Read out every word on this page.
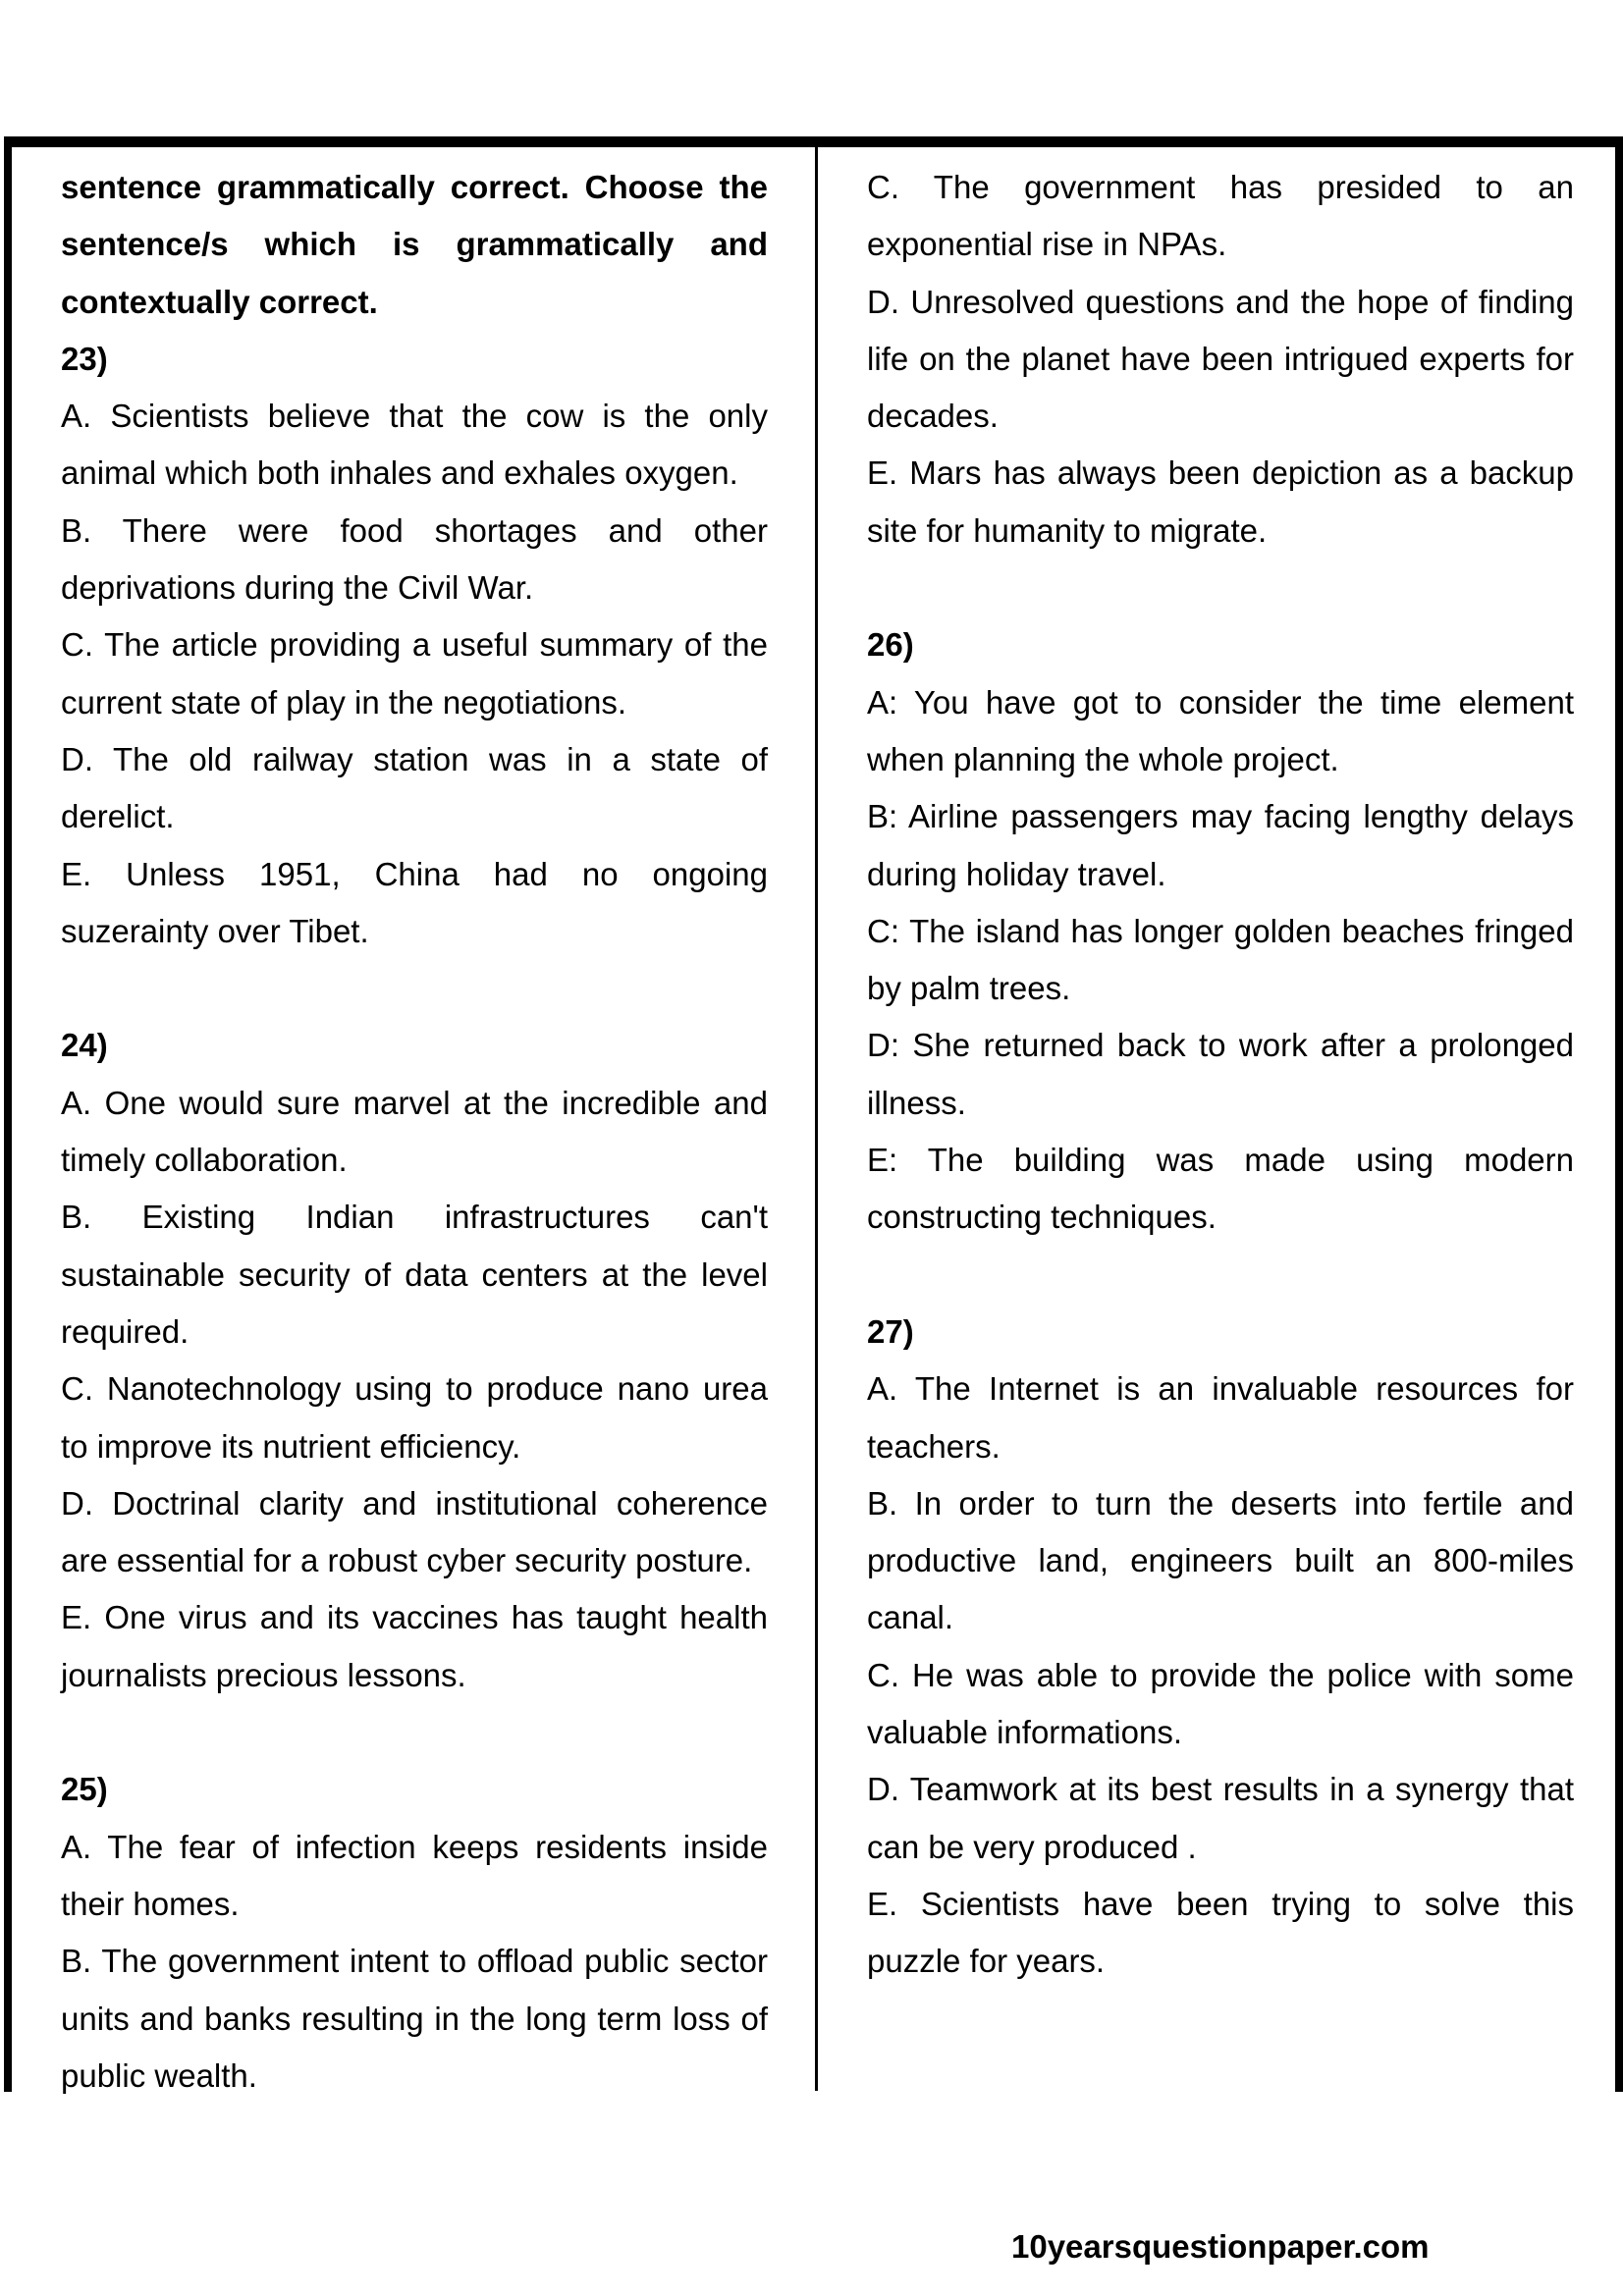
sentence grammatically correct. Choose the sentence/s which is grammatically and contextually correct.

23)

A. Scientists believe that the cow is the only animal which both inhales and exhales oxygen.

B. There were food shortages and other deprivations during the Civil War.

C. The article providing a useful summary of the current state of play in the negotiations.

D. The old railway station was in a state of derelict.

E. Unless 1951, China had no ongoing suzerainty over Tibet.

24)

A. One would sure marvel at the incredible and timely collaboration.

B. Existing Indian infrastructures can't sustainable security of data centers at the level required.

C. Nanotechnology using to produce nano urea to improve its nutrient efficiency.

D. Doctrinal clarity and institutional coherence are essential for a robust cyber security posture.

E. One virus and its vaccines has taught health journalists precious lessons.

25)

A. The fear of infection keeps residents inside their homes.

B. The government intent to offload public sector units and banks resulting in the long term loss of public wealth.

C. The government has presided to an exponential rise in NPAs.

D. Unresolved questions and the hope of finding life on the planet have been intrigued experts for decades.

E. Mars has always been depiction as a backup site for humanity to migrate.

26)

A: You have got to consider the time element when planning the whole project.

B: Airline passengers may facing lengthy delays during holiday travel.

C: The island has longer golden beaches fringed by palm trees.

D: She returned back to work after a prolonged illness.

E: The building was made using modern constructing techniques.

27)

A. The Internet is an invaluable resources for teachers.

B. In order to turn the deserts into fertile and productive land, engineers built an 800-miles canal.

C. He was able to provide the police with some valuable informations.

D. Teamwork at its best results in a synergy that can be very produced .

E. Scientists have been trying to solve this puzzle for years.

10yearsquestionpaper.com
